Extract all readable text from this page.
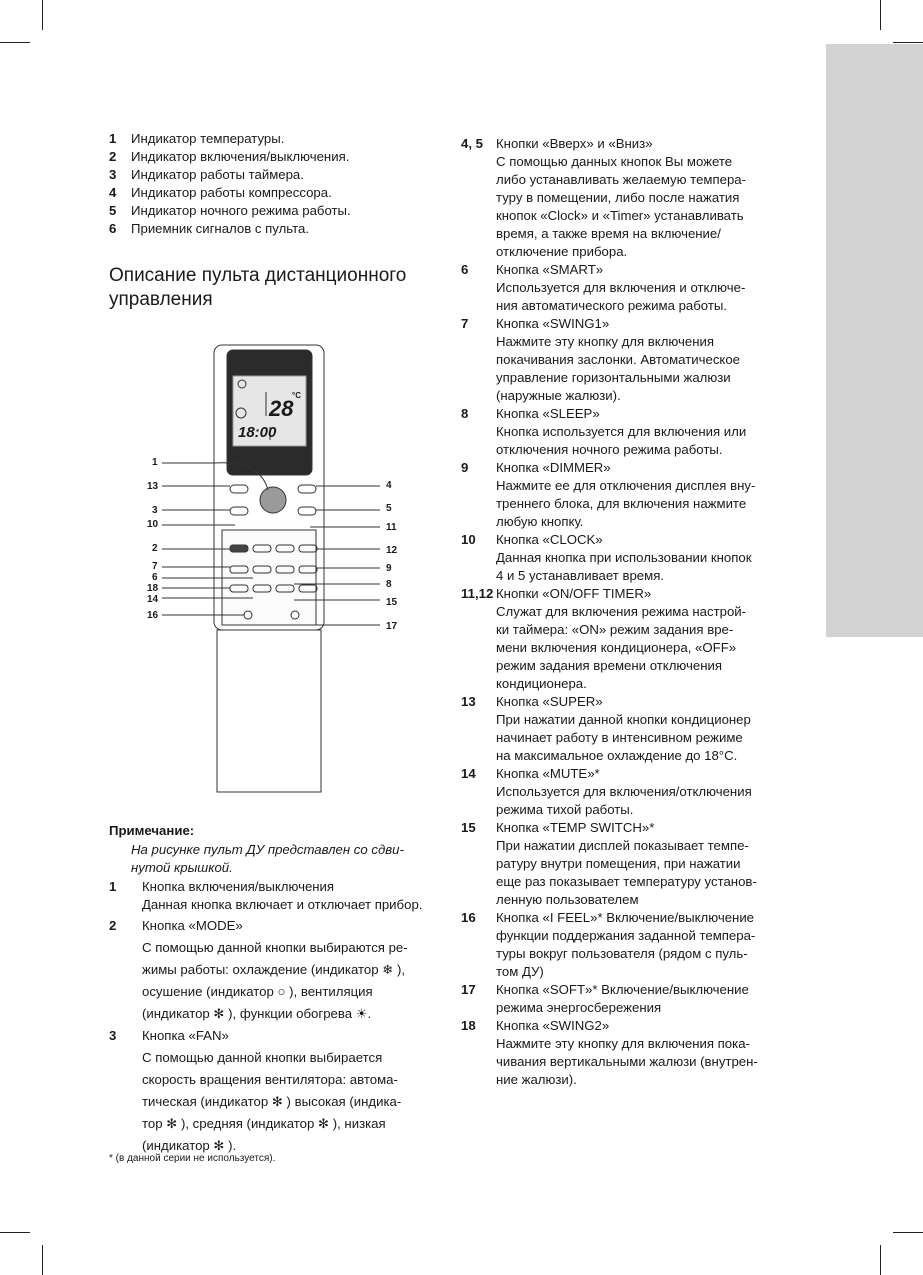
1	Индикатор температуры.
2	Индикатор включения/выключения.
3	Индикатор работы таймера.
4	Индикатор работы компрессора.
5	Индикатор ночного режима работы.
6	Приемник сигналов с пульта.
Описание пульта дистанционного
управления
28
°C
18:00
1
13
3
10
2
7
6
18
14
16
4
5
11
12
9
8
15
17
Примечание:
На рисунке пульт ДУ представлен со сдви-
нутой крышкой.
1	Кнопка включения/выключения
Данная кнопка включает и отключает прибор.
2	Кнопка «MODE»
С помощью данной кнопки выбираются ре-
жимы работы: охлаждение (индикатор ❄ ),
осушение (индикатор ○ ), вентиляция
(индикатор ✻ ), функции обогрева ☀.
3	Кнопка «FAN»
С помощью данной кнопки выбирается
скорость вращения вентилятора: автома-
тическая (индикатор ✻ ) высокая (индика-
тор ✻ ), средняя (индикатор ✻ ), низкая
(индикатор ✻ ).
4, 5 Кнопки «Вверх» и «Вниз»
С помощью данных кнопок Вы можете
либо устанавливать желаемую темпера-
туру в помещении, либо после нажатия
кнопок «Clock» и «Timer» устанавливать
время, а также время на включение/
отключение прибора.
6	Кнопка «SMART»
Используется для включения и отключе-
ния автоматического режима работы.
7	Кнопка «SWING1»
Нажмите эту кнопку для включения
покачивания заслонки. Автоматическое
управление горизонтальными жалюзи
(наружные жалюзи).
8	Кнопка «SLEEP»
Кнопка используется для включения или
отключения ночного режима работы.
9	Кнопка «DIMMER»
Нажмите ее для отключения дисплея вну-
треннего блока, для включения нажмите
любую кнопку.
10	Кнопка «CLOCK»
Данная кнопка при использовании кнопок
4 и 5 устанавливает время.
11,12 Кнопки «ON/OFF TIMER»
Служат для включения режима настрой-
ки таймера: «ON» режим задания вре-
мени включения кондиционера, «OFF»
режим задания времени отключения
кондиционера.
13	Кнопка «SUPER»
При нажатии данной кнопки кондиционер
начинает работу в интенсивном режиме
на максимальное охлаждение до 18°С.
14	Кнопка «MUTE»*
Используется для включения/отключения
режима тихой работы.
15	Кнопка «TEMP SWITCH»*
При нажатии дисплей показывает темпе-
ратуру внутри помещения, при нажатии
еще раз показывает температуру установ-
ленную пользователем
16	Кнопка «I FEEL»* Включение/выключение
функции поддержания заданной темпера-
туры вокруг пользователя (рядом с пуль-
том ДУ)
17	Кнопка «SOFT»* Включение/выключение
режима энергосбережения
18	Кнопка «SWING2»
Нажмите эту кнопку для включения пока-
чивания вертикальными жалюзи (внутрен-
ние жалюзи).
* (в данной серии не используется).
